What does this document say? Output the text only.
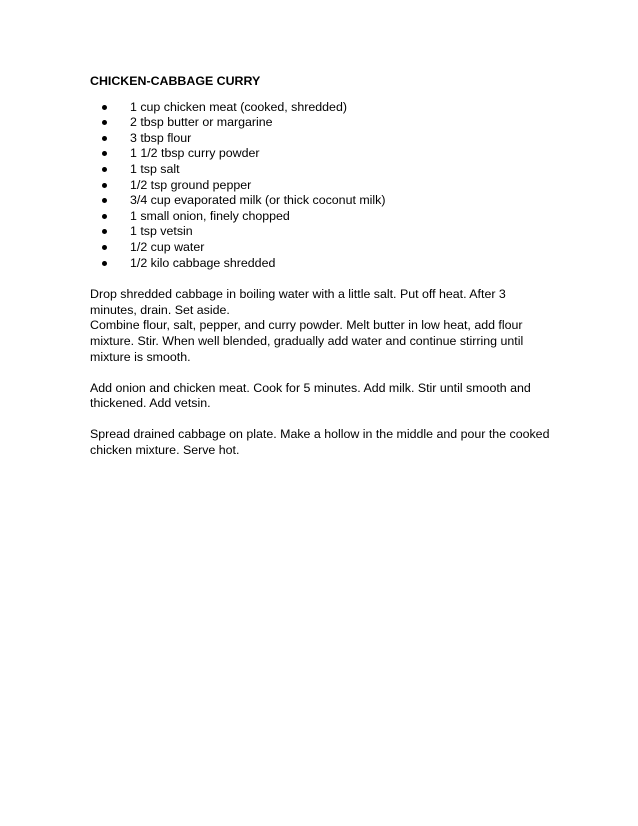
CHICKEN-CABBAGE CURRY
1 cup chicken meat (cooked, shredded)
2 tbsp butter or margarine
3 tbsp flour
1 1/2 tbsp curry powder
1 tsp salt
1/2 tsp ground pepper
3/4 cup evaporated milk (or thick coconut milk)
1 small onion, finely chopped
1 tsp vetsin
1/2 cup water
1/2 kilo cabbage shredded

Drop shredded cabbage in boiling water with a little salt. Put off heat. After 3 minutes, drain. Set aside.

Combine flour, salt, pepper, and curry powder. Melt butter in low heat, add flour mixture. Stir. When well blended, gradually add water and continue stirring until mixture is smooth.

Add onion and chicken meat. Cook for 5 minutes. Add milk. Stir until smooth and thickened. Add vetsin.

Spread drained cabbage on plate. Make a hollow in the middle and pour the cooked chicken mixture. Serve hot.
